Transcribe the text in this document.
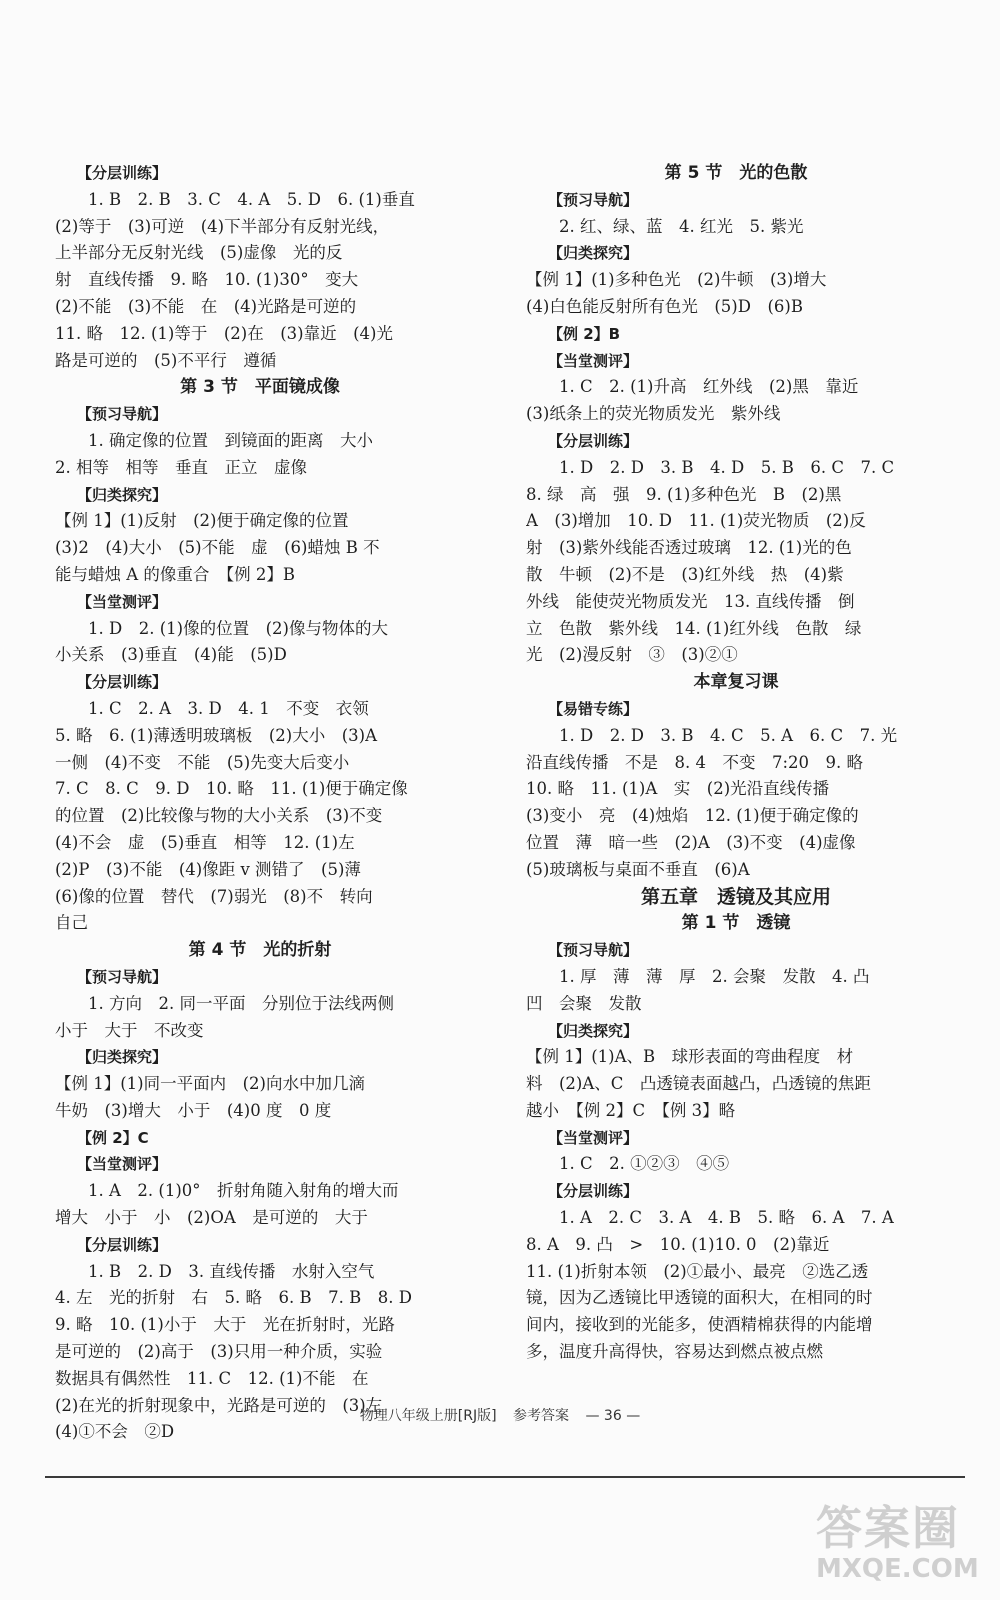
【分层训练】
1. B　2. B　3. C　4. A　5. D　6. (1)垂直
(2)等于　(3)可逆　(4)下半部分有反射光线，
上半部分无反射光线　(5)虚像　光的反
射　直线传播　9. 略　10. (1)30°　变大
(2)不能　(3)不能　在　(4)光路是可逆的
11. 略　12. (1)等于　(2)在　(3)靠近　(4)光
路是可逆的　(5)不平行　遵循
第 3 节　平面镜成像
【预习导航】
1. 确定像的位置　到镜面的距离　大小
2. 相等　相等　垂直　正立　虚像
【归类探究】
【例 1】(1)反射　(2)便于确定像的位置
(3)2　(4)大小　(5)不能　虚　(6)蜡烛 B 不
能与蜡烛 A 的像重合　【例 2】B
【当堂测评】
1. D　2. (1)像的位置　(2)像与物体的大
小关系　(3)垂直　(4)能　(5)D
【分层训练】
1. C　2. A　3. D　4. 1　不变　衣领
5. 略　6. (1)薄透明玻璃板　(2)大小　(3)A
一侧　(4)不变　不能　(5)先变大后变小
7. C　8. C　9. D　10. 略　11. (1)便于确定像
的位置　(2)比较像与物的大小关系　(3)不变
(4)不会　虚　(5)垂直　相等　12. (1)左
(2)P　(3)不能　(4)像距 v 测错了　(5)薄
(6)像的位置　替代　(7)弱光　(8)不　转向
自己
第 4 节　光的折射
【预习导航】
1. 方向　2. 同一平面　分别位于法线两侧
小于　大于　不改变
【归类探究】
【例 1】(1)同一平面内　(2)向水中加几滴
牛奶　(3)增大　小于　(4)0 度　0 度
【例 2】C
【当堂测评】
1. A　2. (1)0°　折射角随入射角的增大而
增大　小于　小　(2)OA　是可逆的　大于
【分层训练】
1. B　2. D　3. 直线传播　水射入空气
4. 左　光的折射　右　5. 略　6. B　7. B　8. D
9. 略　10. (1)小于　大于　光在折射时，光路
是可逆的　(2)高于　(3)只用一种介质，实验
数据具有偶然性　11. C　12. (1)不能　在
(2)在光的折射现象中，光路是可逆的　(3)左
(4)①不会　②D
第 5 节　光的色散
【预习导航】
2. 红、绿、蓝　4. 红光　5. 紫光
【归类探究】
【例 1】(1)多种色光　(2)牛顿　(3)增大
(4)白色能反射所有色光　(5)D　(6)B
【例 2】B
【当堂测评】
1. C　2. (1)升高　红外线　(2)黑　靠近
(3)纸条上的荧光物质发光　紫外线
【分层训练】
1. D　2. D　3. B　4. D　5. B　6. C　7. C
8. 绿　高　强　9. (1)多种色光　B　(2)黑
A　(3)增加　10. D　11. (1)荧光物质　(2)反
射　(3)紫外线能否透过玻璃　12. (1)光的色
散　牛顿　(2)不是　(3)红外线　热　(4)紫
外线　能使荧光物质发光　13. 直线传播　倒
立　色散　紫外线　14. (1)红外线　色散　绿
光　(2)漫反射　③　(3)②①
本章复习课
【易错专练】
1. D　2. D　3. B　4. C　5. A　6. C　7. 光
沿直线传播　不是　8. 4　不变　7:20　9. 略
10. 略　11. (1)A　实　(2)光沿直线传播
(3)变小　亮　(4)烛焰　12. (1)便于确定像的
位置　薄　暗一些　(2)A　(3)不变　(4)虚像
(5)玻璃板与桌面不垂直　(6)A
第五章　透镜及其应用
第 1 节　透镜
【预习导航】
1. 厚　薄　薄　厚　2. 会聚　发散　4. 凸
凹　会聚　发散
【归类探究】
【例 1】(1)A、B　球形表面的弯曲程度　材
料　(2)A、C　凸透镜表面越凸，凸透镜的焦距
越小　【例 2】C　【例 3】略
【当堂测评】
1. C　2. ①②③　④⑤
【分层训练】
1. A　2. C　3. A　4. B　5. 略　6. A　7. A
8. A　9. 凸　>　10. (1)10. 0　(2)靠近
11. (1)折射本领　(2)①最小、最亮　②选乙透
镜，因为乙透镜比甲透镜的面积大，在相同的时
间内，接收到的光能多，使酒精棉获得的内能增
多，温度升高得快，容易达到燃点被点燃
物理八年级上册[RJ版] 参考答案 — 36 —
答案圈
MXQE.COM
